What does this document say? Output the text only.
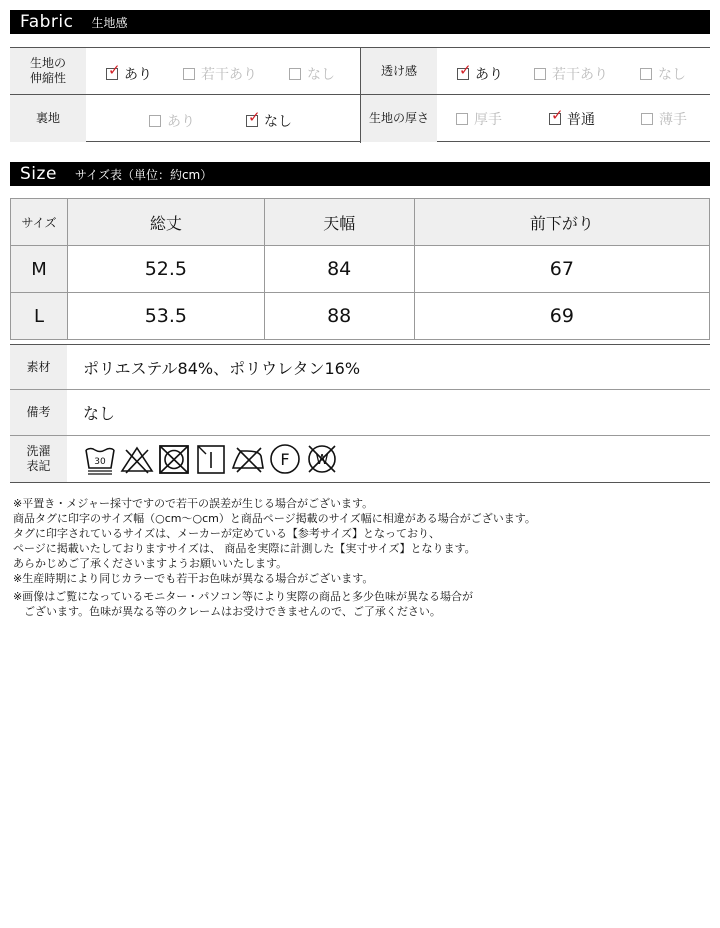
Fabric 生地感
生地の
伸縮性	✓ あり	若干あり	なし	透け感	✓ あり	若干あり	なし
裏地	あり	✓ なし	生地の厚さ	厚手	✓ 普通	薄手
Size サイズ表（単位：約cm）
サイズ	総丈	天幅	前下がり
M	52.5	84	67
L	53.5	88	69
素材	ポリエステル84%、ポリウレタン16%
備考	なし
洗濯
表記	30	F W

※平置き・メジャー採寸ですので若干の誤差が生じる場合がございます。

商品タグに印字のサイズ幅（○cm〜○cm）と商品ページ掲載のサイズ幅に相違がある場合がございます。

タグに印字されているサイズは、メーカーが定めている【参考サイズ】となっており、

ページに掲載いたしておりますサイズは、 商品を実際に計測した【実寸サイズ】となります。

あらかじめご了承くださいますようお願いいたします。

※生産時期により同じカラーでも若干お色味が異なる場合がございます。

※画像はご覧になっているモニター・パソコン等により実際の商品と多少色味が異なる場合が

　ございます。色味が異なる等のクレームはお受けできませんので、ご了承ください。
